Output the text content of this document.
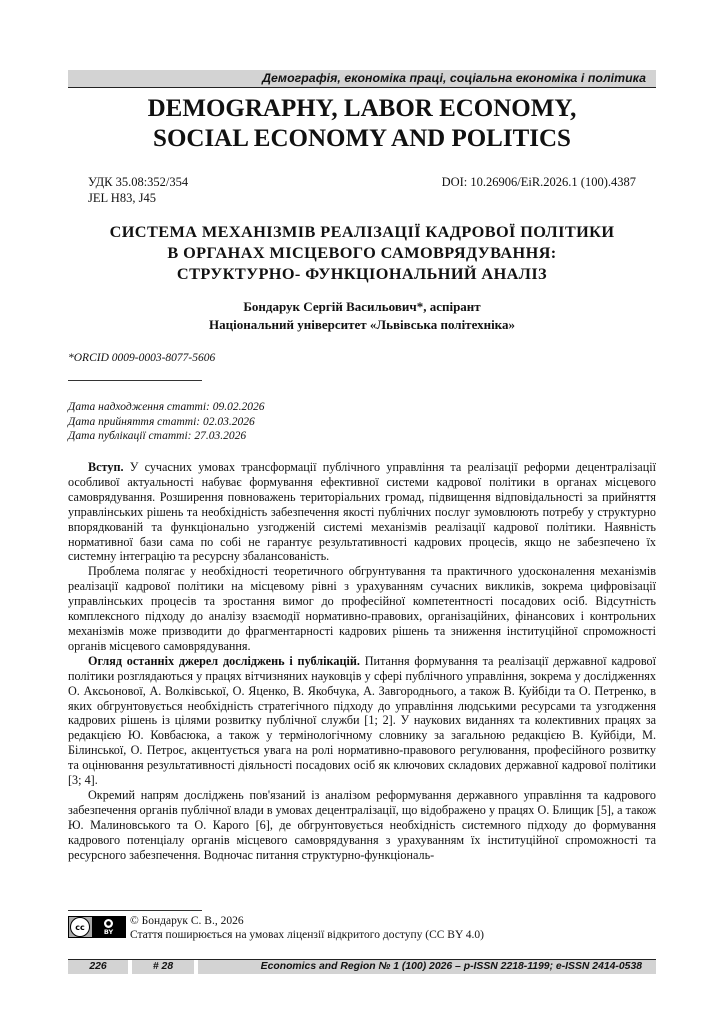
Демографія, економіка праці, соціальна економіка і політика
DEMOGRAPHY, LABOR ECONOMY,
SOCIAL ECONOMY AND POLITICS
УДК 35.08:352/354
JEL H83, J45
DOI: 10.26906/EiR.2026.1 (100).4387
СИСТЕМА МЕХАНІЗМІВ РЕАЛІЗАЦІЇ КАДРОВОЇ ПОЛІТИКИ
В ОРГАНАХ МІСЦЕВОГО САМОВРЯДУВАННЯ:
СТРУКТУРНО- ФУНКЦІОНАЛЬНИЙ АНАЛІЗ
Бондарук Сергій Васильович*, аспірант
Національний університет «Львівська політехніка»
*ORCID 0009-0003-8077-5606
Дата надходження статті: 09.02.2026
Дата прийняття статті: 02.03.2026
Дата публікації статті: 27.03.2026

Вступ. У сучасних умовах трансформації публічного управління та реалізації реформи децентралізації особливої актуальності набуває формування ефективної системи кадрової політики в органах місцевого самоврядування. Розширення повноважень територіальних громад, підвищення відповідальності за прийняття управлінських рішень та необхідність забезпечення якості публічних послуг зумовлюють потребу у структурно впорядкованій та функціонально узгодженій системі механізмів реалізації кадрової політики. Наявність нормативної бази сама по собі не гарантує результативності кадрових процесів, якщо не забезпечено їх системну інтеграцію та ресурсну збалансованість.

Проблема полягає у необхідності теоретичного обгрунтування та практичного удосконалення механізмів реалізації кадрової політики на місцевому рівні з урахуванням сучасних викликів, зокрема цифровізації управлінських процесів та зростання вимог до професійної компетентності посадових осіб. Відсутність комплексного підходу до аналізу взаємодії нормативно-правових, організаційних, фінансових і контрольних механізмів може призводити до фрагментарності кадрових рішень та зниження інституційної спроможності органів місцевого самоврядування.

Огляд останніх джерел досліджень і публікацій. Питання формування та реалізації державної кадрової політики розглядаються у працях вітчизняних науковців у сфері публічного управління, зокрема у дослідженнях О. Аксьонової, А. Волківської, О. Яценко, В. Якобчука, А. Завгороднього, а також В. Куйбіди та О. Петренко, в яких обгрунтовується необхідність стратегічного підходу до управління людськими ресурсами та узгодження кадрових рішень із цілями розвитку публічної служби [1; 2]. У наукових виданнях та колективних працях за редакцією Ю. Ковбасюка, а також у термінологічному словнику за загальною редакцією В. Куйбіди, М. Білинської, О. Петроє, акцентується увага на ролі нормативно-правового регулювання, професійного розвитку та оцінювання результативності діяльності посадових осіб як ключових складових державної кадрової політики [3; 4].

Окремий напрям досліджень пов'язаний із аналізом реформування державного управління та кадрового забезпечення органів публічної влади в умовах децентралізації, що відображено у працях О. Блищик [5], а також Ю. Малиновського та О. Карого [6], де обгрунтовується необхідність системного підходу до формування кадрового потенціалу органів місцевого самоврядування з урахуванням їх інституційної спроможності та ресурсного забезпечення. Водночас питання структурно-функціональ-

cc	●
BY
© Бондарук С. В., 2026
Стаття поширюється на умовах ліцензії відкритого доступу (CC BY 4.0)
226	# 28	Economics and Region № 1 (100) 2026 – p-ISSN 2218-1199; e-ISSN 2414-0538
